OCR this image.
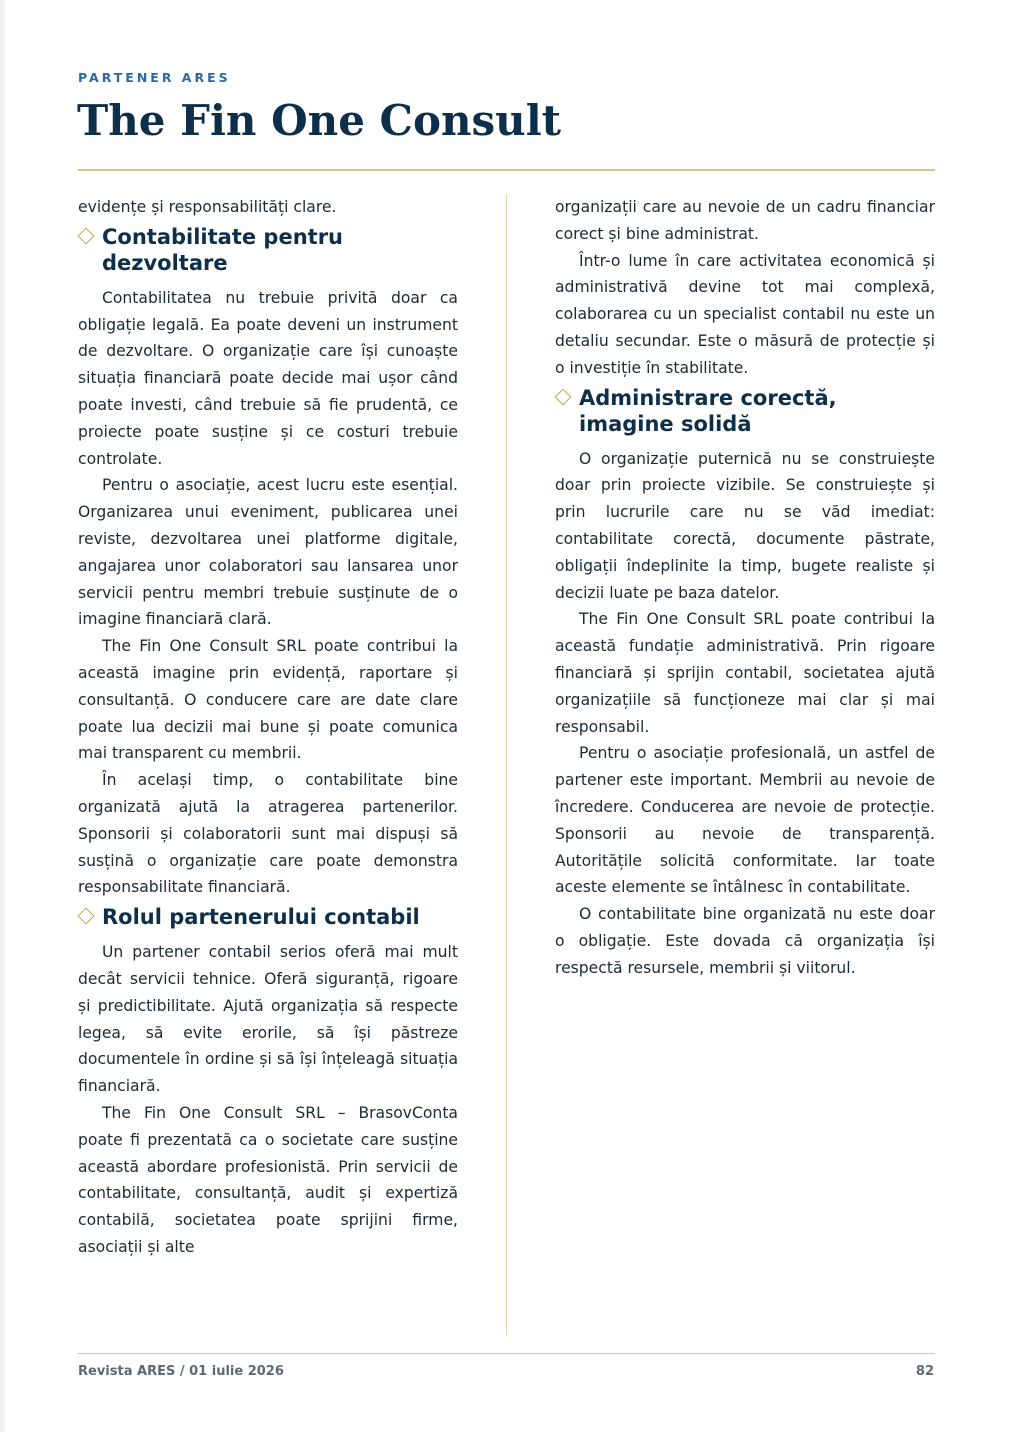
PARTENER ARES
The Fin One Consult

evidențe și responsabilități clare.

Contabilitate pentru dezvoltare

Contabilitatea nu trebuie privită doar ca obligație legală. Ea poate deveni un instrument de dezvoltare. O organizație care își cunoaște situația financiară poate decide mai ușor când poate investi, când trebuie să fie prudentă, ce proiecte poate susține și ce costuri trebuie controlate.

Pentru o asociație, acest lucru este esențial. Organizarea unui eveniment, publicarea unei reviste, dezvoltarea unei platforme digitale, angajarea unor colaboratori sau lansarea unor servicii pentru membri trebuie susținute de o imagine financiară clară.

The Fin One Consult SRL poate contribui la această imagine prin evidență, raportare și consultanță. O conducere care are date clare poate lua decizii mai bune și poate comunica mai transparent cu membrii.

În același timp, o contabilitate bine organizată ajută la atragerea partenerilor. Sponsorii și colaboratorii sunt mai dispuși să susțină o organizație care poate demonstra responsabilitate financiară.

Rolul partenerului contabil

Un partener contabil serios oferă mai mult decât servicii tehnice. Oferă siguranță, rigoare și predictibilitate. Ajută organizația să respecte legea, să evite erorile, să își păstreze documentele în ordine și să își înțeleagă situația financiară.

The Fin One Consult SRL – BrasovConta poate fi prezentată ca o societate care susține această abordare profesionistă. Prin servicii de contabilitate, consultanță, audit și expertiză contabilă, societatea poate sprijini firme, asociații și alte

organizații care au nevoie de un cadru financiar corect și bine administrat.

Într-o lume în care activitatea economică și administrativă devine tot mai complexă, colaborarea cu un specialist contabil nu este un detaliu secundar. Este o măsură de protecție și o investiție în stabilitate.

Administrare corectă, imagine solidă

O organizație puternică nu se construiește doar prin proiecte vizibile. Se construiește și prin lucrurile care nu se văd imediat: contabilitate corectă, documente păstrate, obligații îndeplinite la timp, bugete realiste și decizii luate pe baza datelor.

The Fin One Consult SRL poate contribui la această fundație administrativă. Prin rigoare financiară și sprijin contabil, societatea ajută organizațiile să funcționeze mai clar și mai responsabil.

Pentru o asociație profesională, un astfel de partener este important. Membrii au nevoie de încredere. Conducerea are nevoie de protecție. Sponsorii au nevoie de transparență. Autoritățile solicită conformitate. Iar toate aceste elemente se întâlnesc în contabilitate.

O contabilitate bine organizată nu este doar o obligație. Este dovada că organizația își respectă resursele, membrii și viitorul.

Revista ARES / 01 iulie 2026	82
